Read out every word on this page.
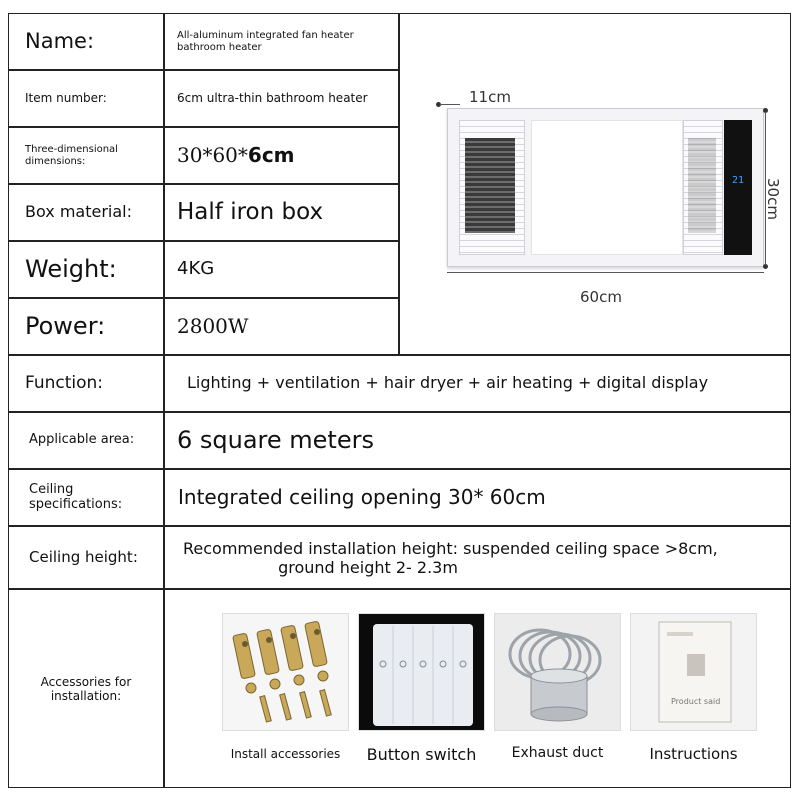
Name:	All-aluminum integrated fan heater bathroom heater
Item number:	6cm ultra-thin bathroom heater
Three-dimensional dimensions:	30*60* 6cm
Box material: Half iron box
Weight:	4KG
Power:	2800W
21
11cm
30cm
60cm
Function:	Lighting + ventilation + hair dryer + air heating + digital display
Applicable area: 6 square meters
Ceiling specifications:	Integrated ceiling opening 30* 60cm
Ceiling height:	Recommended installation height: suspended ceiling space >8cm,
ground height 2- 2.3m
Accessories for installation:	Product said
Install accessories	Button switch	Exhaust duct	Instructions
